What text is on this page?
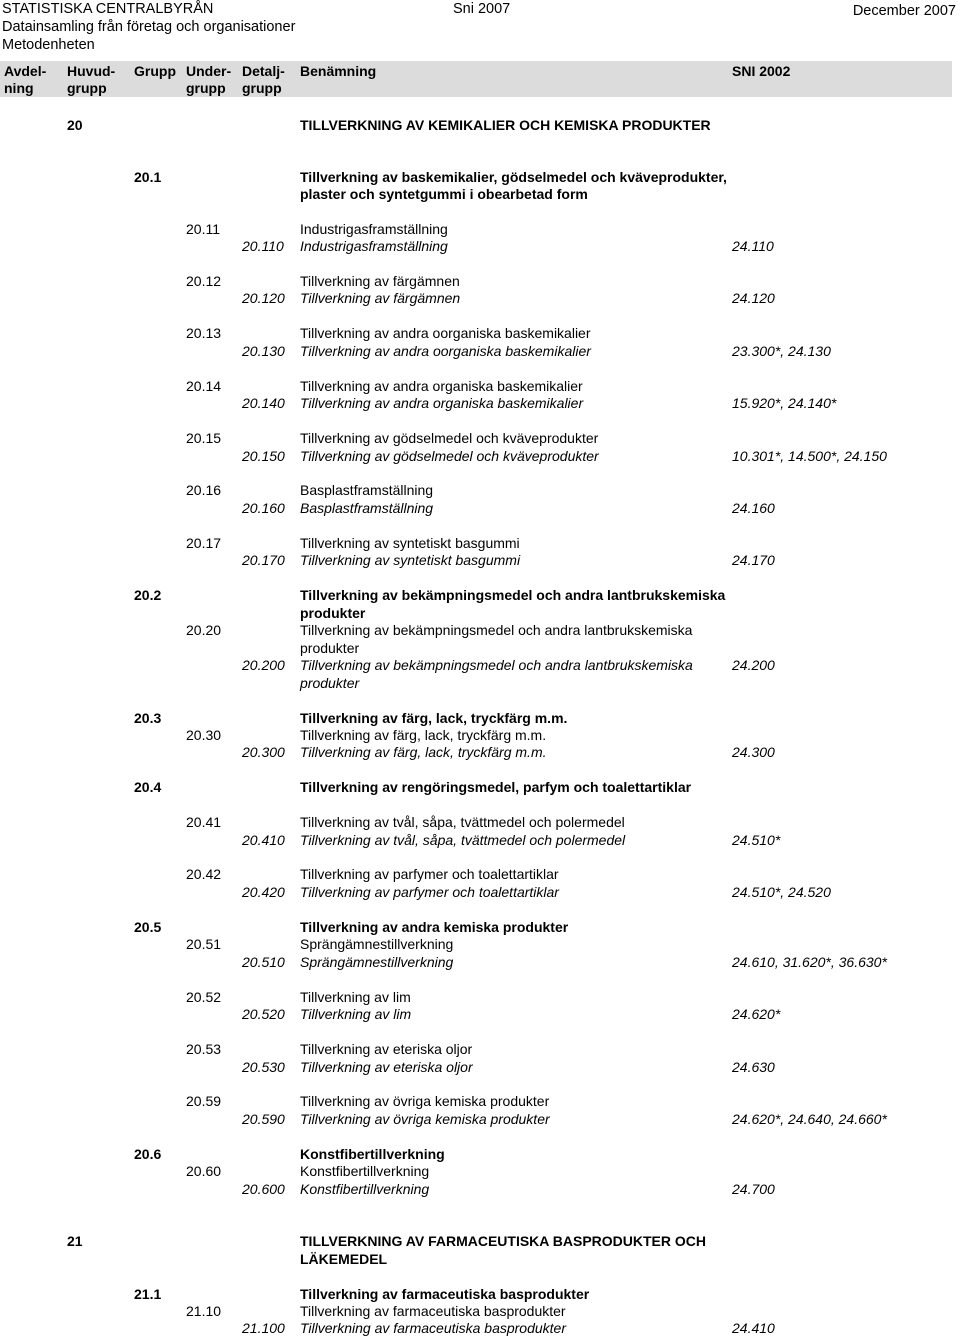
STATISTISKA CENTRALBYRÅN
Datainsamling från företag och organisationer
Metodenheten
Sni 2007	December 2007
Avdel-
ning
Huvud-
grupp
Grupp Under-
grupp
Detalj-
grupp
Benämning	SNI 2002
20	TILLVERKNING AV KEMIKALIER OCH KEMISKA PRODUKTER
20.1	Tillverkning av baskemikalier, gödselmedel och kväveprodukter,
plaster och syntetgummi i obearbetad form
20.11	Industrigasframställning
20.110 Industrigasframställning	24.110
20.12	Tillverkning av färgämnen
20.120 Tillverkning av färgämnen	24.120
20.13	Tillverkning av andra oorganiska baskemikalier
20.130 Tillverkning av andra oorganiska baskemikalier	23.300*, 24.130
20.14	Tillverkning av andra organiska baskemikalier
20.140 Tillverkning av andra organiska baskemikalier	15.920*, 24.140*
20.15	Tillverkning av gödselmedel och kväveprodukter
20.150 Tillverkning av gödselmedel och kväveprodukter	10.301*, 14.500*, 24.150
20.16	Basplastframställning
20.160 Basplastframställning	24.160
20.17	Tillverkning av syntetiskt basgummi
20.170 Tillverkning av syntetiskt basgummi	24.170
20.2	Tillverkning av bekämpningsmedel och andra lantbrukskemiska
produkter
20.20	Tillverkning av bekämpningsmedel och andra lantbrukskemiska
produkter
20.200 Tillverkning av bekämpningsmedel och andra lantbrukskemiska
produkter
24.200
20.3	Tillverkning av färg, lack, tryckfärg m.m.
20.30	Tillverkning av färg, lack, tryckfärg m.m.
20.300 Tillverkning av färg, lack, tryckfärg m.m.	24.300
20.4	Tillverkning av rengöringsmedel, parfym och toalettartiklar
20.41	Tillverkning av tvål, såpa, tvättmedel och polermedel
20.410 Tillverkning av tvål, såpa, tvättmedel och polermedel	24.510*
20.42	Tillverkning av parfymer och toalettartiklar
20.420 Tillverkning av parfymer och toalettartiklar	24.510*, 24.520
20.5	Tillverkning av andra kemiska produkter
20.51	Sprängämnestillverkning
20.510 Sprängämnestillverkning	24.610, 31.620*, 36.630*
20.52	Tillverkning av lim
20.520 Tillverkning av lim	24.620*
20.53	Tillverkning av eteriska oljor
20.530 Tillverkning av eteriska oljor	24.630
20.59	Tillverkning av övriga kemiska produkter
20.590 Tillverkning av övriga kemiska produkter	24.620*, 24.640, 24.660*
20.6	Konstfibertillverkning
20.60	Konstfibertillverkning
20.600 Konstfibertillverkning	24.700
21	TILLVERKNING AV FARMACEUTISKA BASPRODUKTER OCH
LÄKEMEDEL
21.1	Tillverkning av farmaceutiska basprodukter
21.10	Tillverkning av farmaceutiska basprodukter
21.100 Tillverkning av farmaceutiska basprodukter	24.410
